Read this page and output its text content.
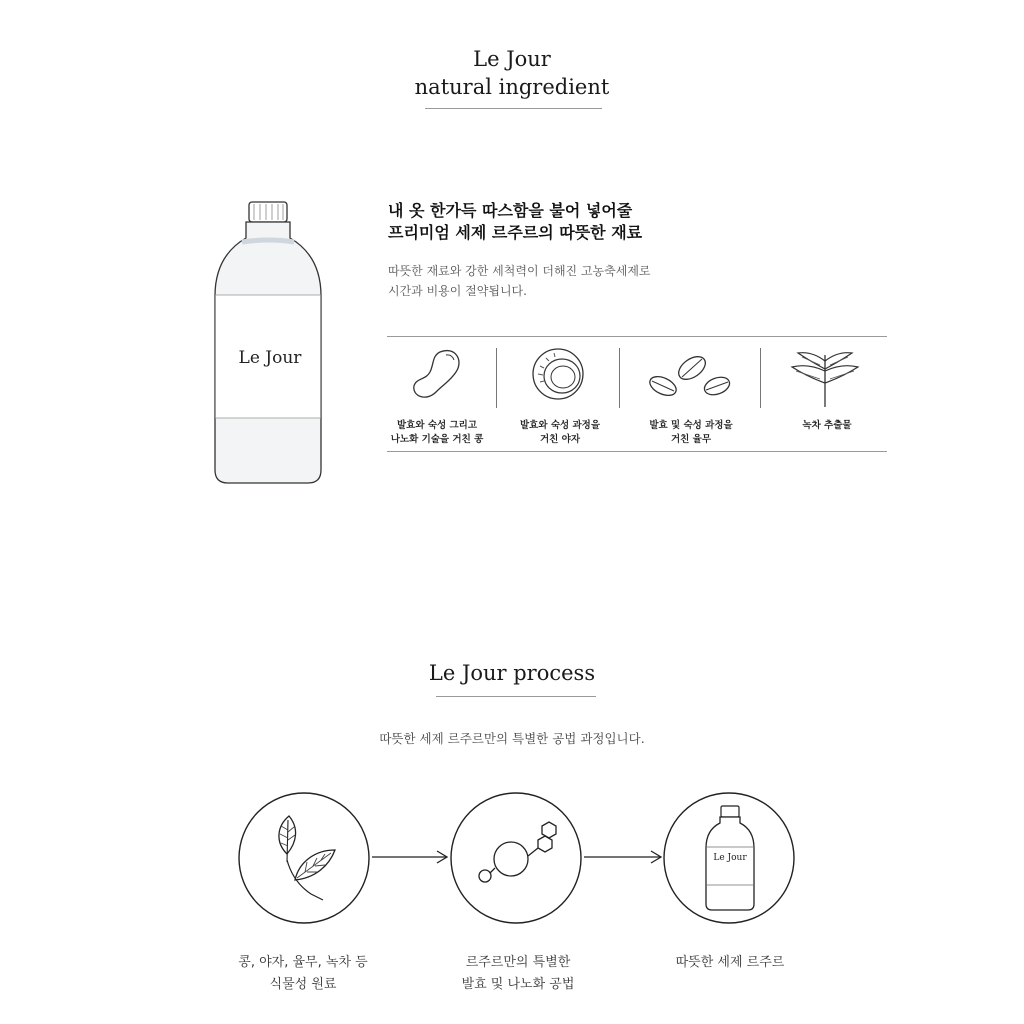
Le Jour
natural ingredient
Le Jour
내 옷 한가득 따스함을 불어 넣어줄
프리미엄 세제 르주르의 따뜻한 재료
따뜻한 재료와 강한 세척력이 더해진 고농축세제로
시간과 비용이 절약됩니다.
발효와 숙성 그리고
나노화 기술을 거친 콩
발효와 숙성 과정을
거친 야자
발효 및 숙성 과정을
거친 율무
녹차 추출물
Le Jour process
따뜻한 세제 르주르만의 특별한 공법 과정입니다.
Le Jour
콩, 야자, 율무, 녹차 등
식물성 원료
르주르만의 특별한
발효 및 나노화 공법
따뜻한 세제 르주르
